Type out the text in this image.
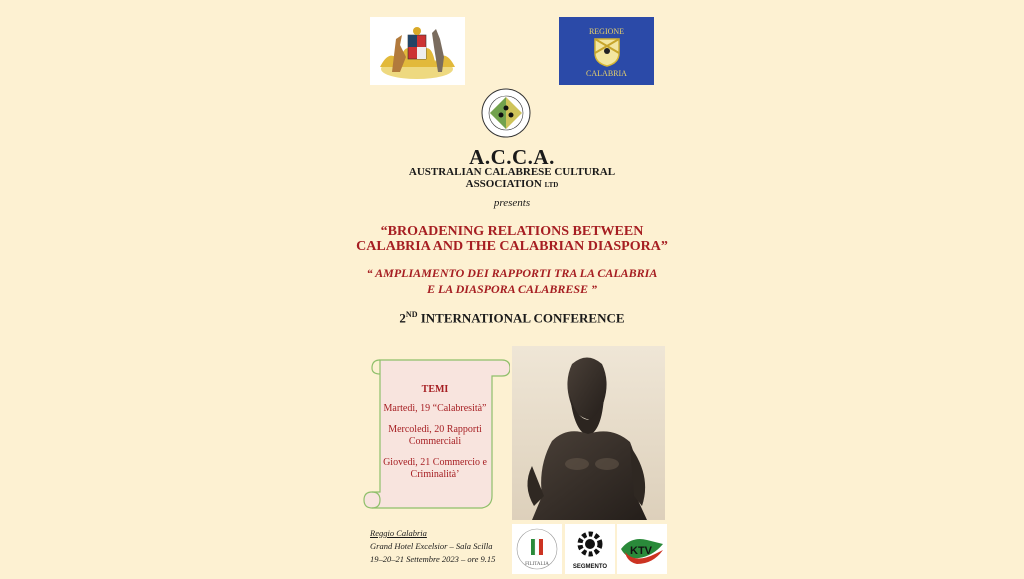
REGIONE
CALABRIA
A.C.C.A.
AUSTRALIAN CALABRESE CULTURAL
ASSOCIATION LTD
presents
“BROADENING RELATIONS BETWEEN
CALABRIA AND THE CALABRIAN DIASPORA”
“ AMPLIAMENTO DEI RAPPORTI TRA LA CALABRIA
E LA DIASPORA CALABRESE ”
2ND INTERNATIONAL CONFERENCE
TEMI
Martedì, 19 “Calabresità”
Mercoledì, 20 Rapporti Commerciali
Giovedì, 21 Commercio e Criminalità’
Reggio Calabria
Grand Hotel Excelsior – Sala Scilla
19–20–21 Settembre 2023 – ore 9.15
FILITALIA	SEGMENTO
KTV
